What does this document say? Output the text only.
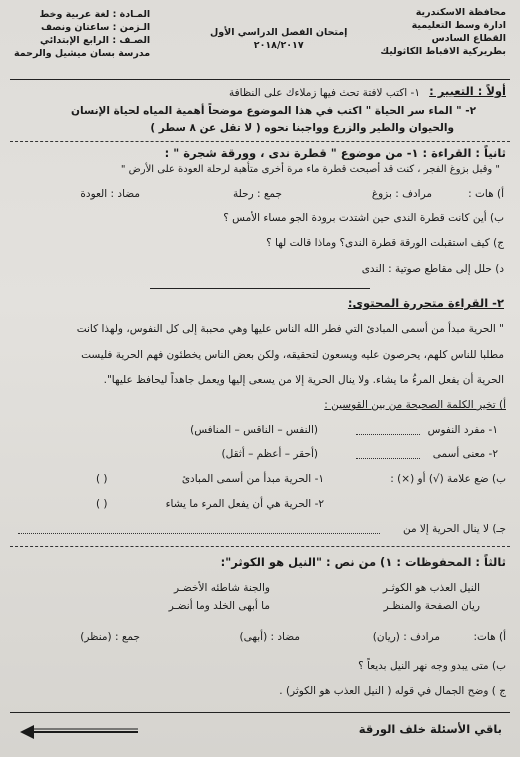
محافظة الاسكندرية
ادارة وسط التعليمية
القطاع السادس
بطريركية الاقباط الكاثوليك
إمتحان الفصل الدراسي الأول
٢٠١٨/٢٠١٧
المـادة : لغة عربية وخط
الـزمن : ساعتان ونصف
الصـف : الرابع الإبتدائي
مدرسة بسان ميشيل والرحمة
أولاً : التعبير :
١- اكتب لافتة تحث فيها زملاءك على النظافة
٢- " الماء سر الحياة " اكتب في هذا الموضوع موضحاً أهمية المياه لحياة الإنسان
والحيوان والطير والزرع وواجبنا نحوه ( لا تقل عن ٨ سطر )
ثانياً : القراءة : ١- من موضوع " قطرة ندى ، وورقة شجرة " :
" وقبل بزوغ الفجر ، كنت قد أصبحت قطرة ماء مرة أخرى متأهبة لرحلة العودة على الأرض "
أ) هات :
مرادف : بزوغ
جمع : رحلة
مضاد : العودة
ب) أين كانت قطرة الندى حين اشتدت برودة الجو مساء الأمس ؟
ج) كيف استقبلت الورقة قطرة الندى؟ وماذا قالت لها ؟
د) حلل إلى مقاطع صوتية : الندى
٢- القراءة متحررة المحتوى:
" الحرية مبدأ من أسمى المبادئ التي فطر الله الناس عليها وهي محببة إلى كل النفوس، ولهذا كانت
مطلبا للناس كلهم، يحرصون عليه ويسعون لتحقيقه، ولكن بعض الناس يخطئون فهم الحرية فليست
الحرية أن يفعل المرءُ ما يشاء. ولا ينال الحرية إلا من يسعى إليها ويعمل جاهداً ليحافظ عليها".
أ) تخير الكلمة الصحيحة من بين القوسين :
١- مفرد النفوس
(النفس – الناقس – المنافس)
٢- معنى أسمى
(أحقر – أعظم – أثقل)
ب) ضع علامة (√) أو (×) :
١- الحرية مبدأ من أسمى المبادئ
( )
٢- الحرية هي أن يفعل المرء ما يشاء
( )
جـ) لا ينال الحرية إلا من
ثالثاً : المحفوظات : ١) من نص : "النيل هو الكوثر":
النيل العذب هو الكوثـر
والجنة شاطئه الأخضـر
ريان الصفحة والمنظـر
ما أبهى الخلد وما أنضـر
أ) هات:
مرادف : (ريان)
مضاد : (أبهى)
جمع : (منظر)
ب) متى يبدو وجه نهر النيل بديعاً ؟
ج ) وضح الجمال في قوله ( النيل العذب هو الكوثر) .
باقي الأسئلة خلف الورقة
